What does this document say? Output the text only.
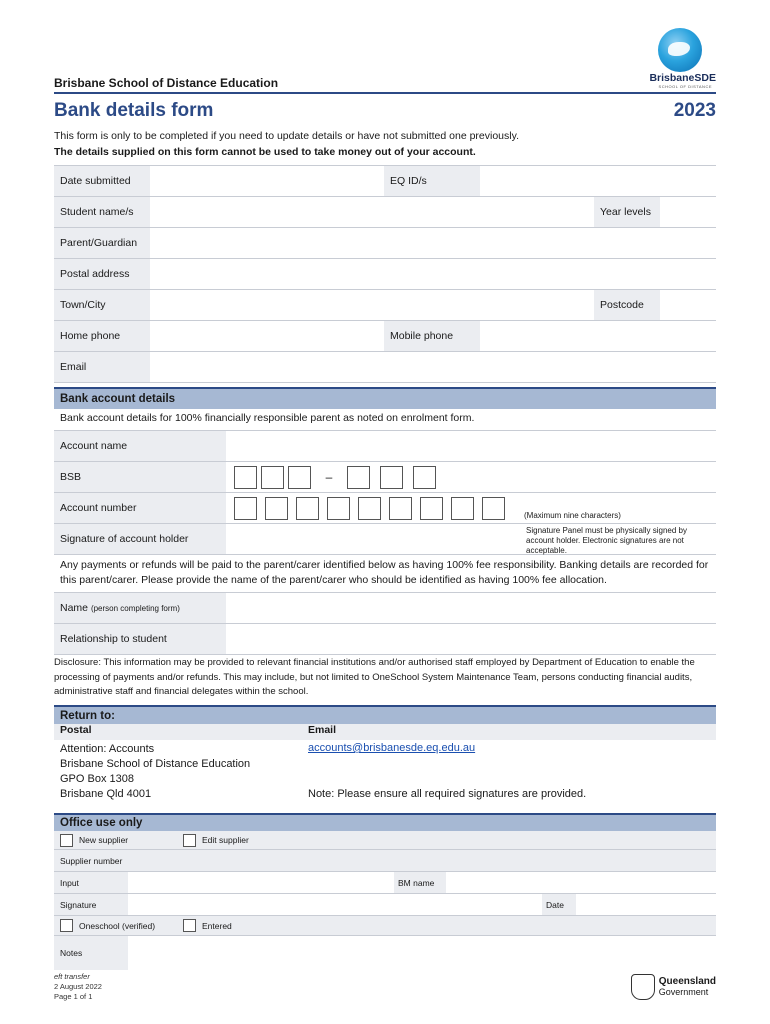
Brisbane School of Distance Education	BrisbaneSDE
SCHOOL OF DISTANCE
Bank details form	2023
This form is only to be completed if you need to update details or have not submitted one previously.
The details supplied on this form cannot be used to take money out of your account.
Date submitted	EQ ID/s
Student name/s	Year levels
Parent/Guardian
Postal address
Town/City	Postcode
Home phone	Mobile phone
Email
Bank account details
Bank account details for 100% financially responsible parent as noted on enrolment form.
Account name
BSB	–
Account number
(Maximum nine characters)
Signature of account holder
Signature Panel must be physically signed by account holder. Electronic signatures are not acceptable.
Any payments or refunds will be paid to the parent/carer identified below as having 100% fee responsibility. Banking details are recorded for this parent/carer. Please provide the name of the parent/carer who should be identified as having 100% fee allocation.
Name
(person completing form)
Relationship to student
Disclosure: This information may be provided to relevant financial institutions and/or authorised staff employed by Department of Education to enable the processing of payments and/or refunds. This may include, but not limited to OneSchool System Maintenance Team, persons conducting financial audits, administrative staff and financial delegates within the school.
Return to:
Postal	Email
Attention: Accounts
Brisbane School of Distance Education
GPO Box 1308
Brisbane Qld 4001
accounts@brisbanesde.eq.edu.au
Note: Please ensure all required signatures are provided.
Office use only
New supplier	Edit supplier
Supplier number
Input	BM name
Signature	Date
Oneschool (verified)	Entered
Notes
eft transfer
2 August 2022
Page 1 of 1
Queensland
Government
